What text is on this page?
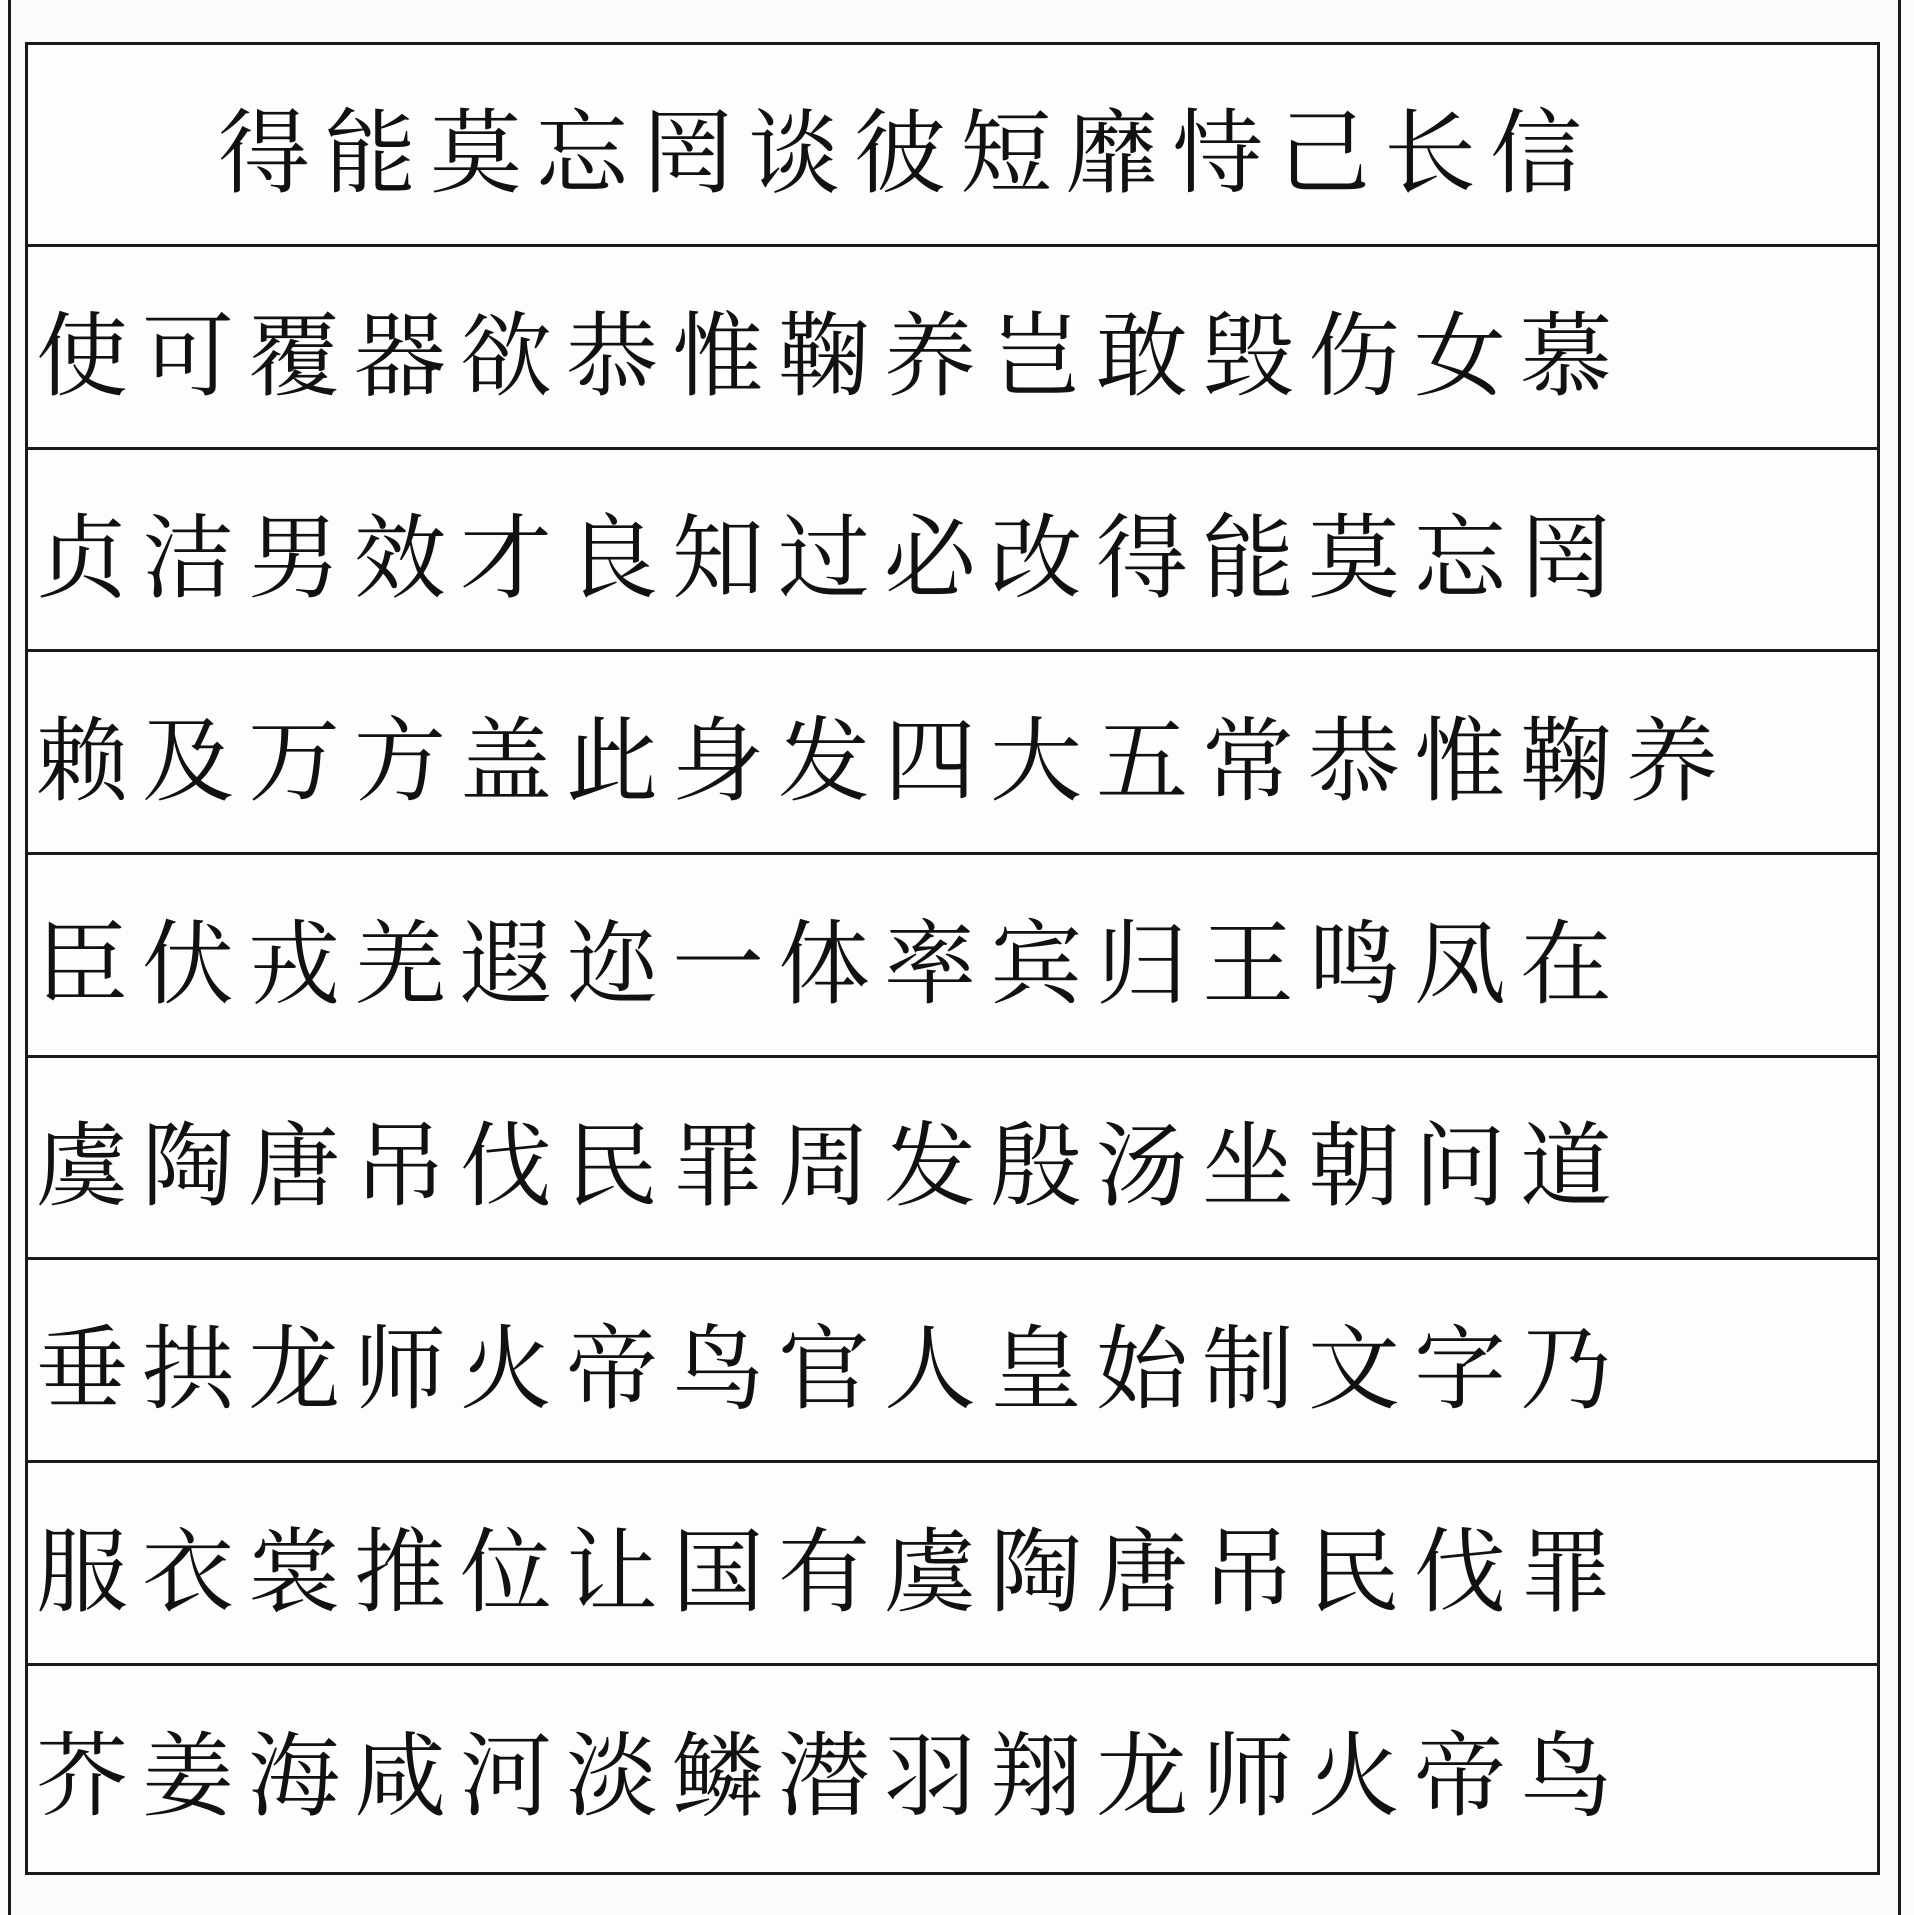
得能莫忘罔谈彼短靡恃己长信
使可覆器欲恭惟鞠养岂敢毁伤女慕
贞洁男效才良知过必改得能莫忘罔
赖及万方盖此身发四大五常恭惟鞠养
臣伏戎羌遐迩一体率宾归王鸣凤在
虞陶唐吊伐民罪周发殷汤坐朝问道
垂拱龙师火帝鸟官人皇始制文字乃
服衣裳推位让国有虞陶唐吊民伐罪
芥姜海咸河淡鳞潜羽翔龙师火帝鸟
